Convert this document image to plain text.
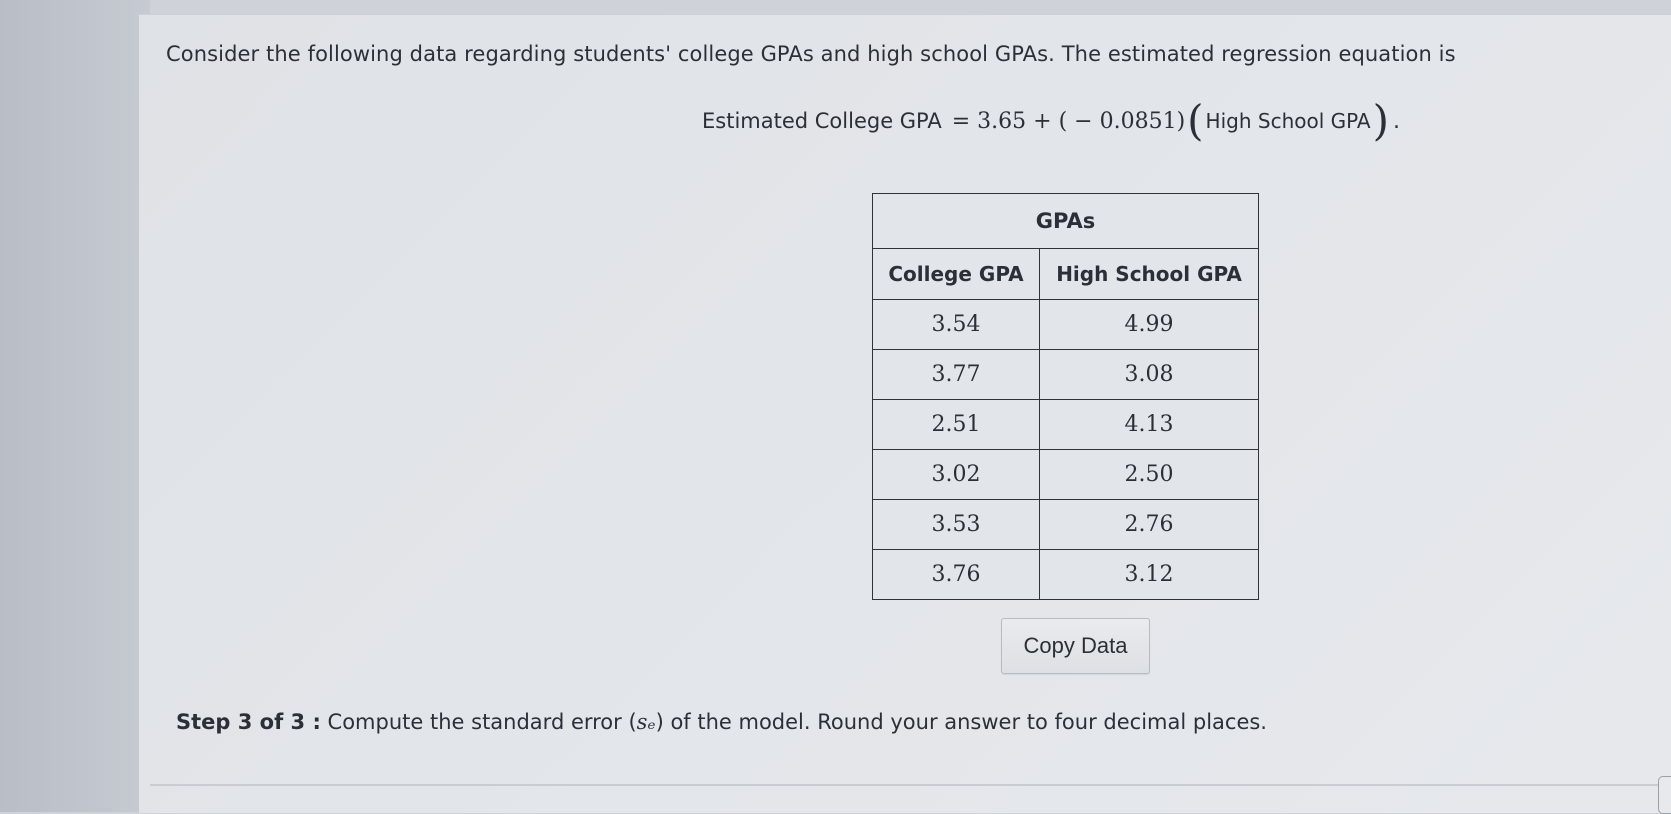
Consider the following data regarding students' college GPAs and high school GPAs. The estimated regression equation is
Estimated College GPA = 3.65 + ( − 0.0851) ( High School GPA ) .
GPAs	
College GPA	High School GPA
3.54	4.99
3.77	3.08
2.51	4.13
3.02	2.50
3.53	2.76
3.76	3.12
Copy Data
Step 3 of 3 : Compute the standard error (sₑ) of the model. Round your answer to four decimal places.
